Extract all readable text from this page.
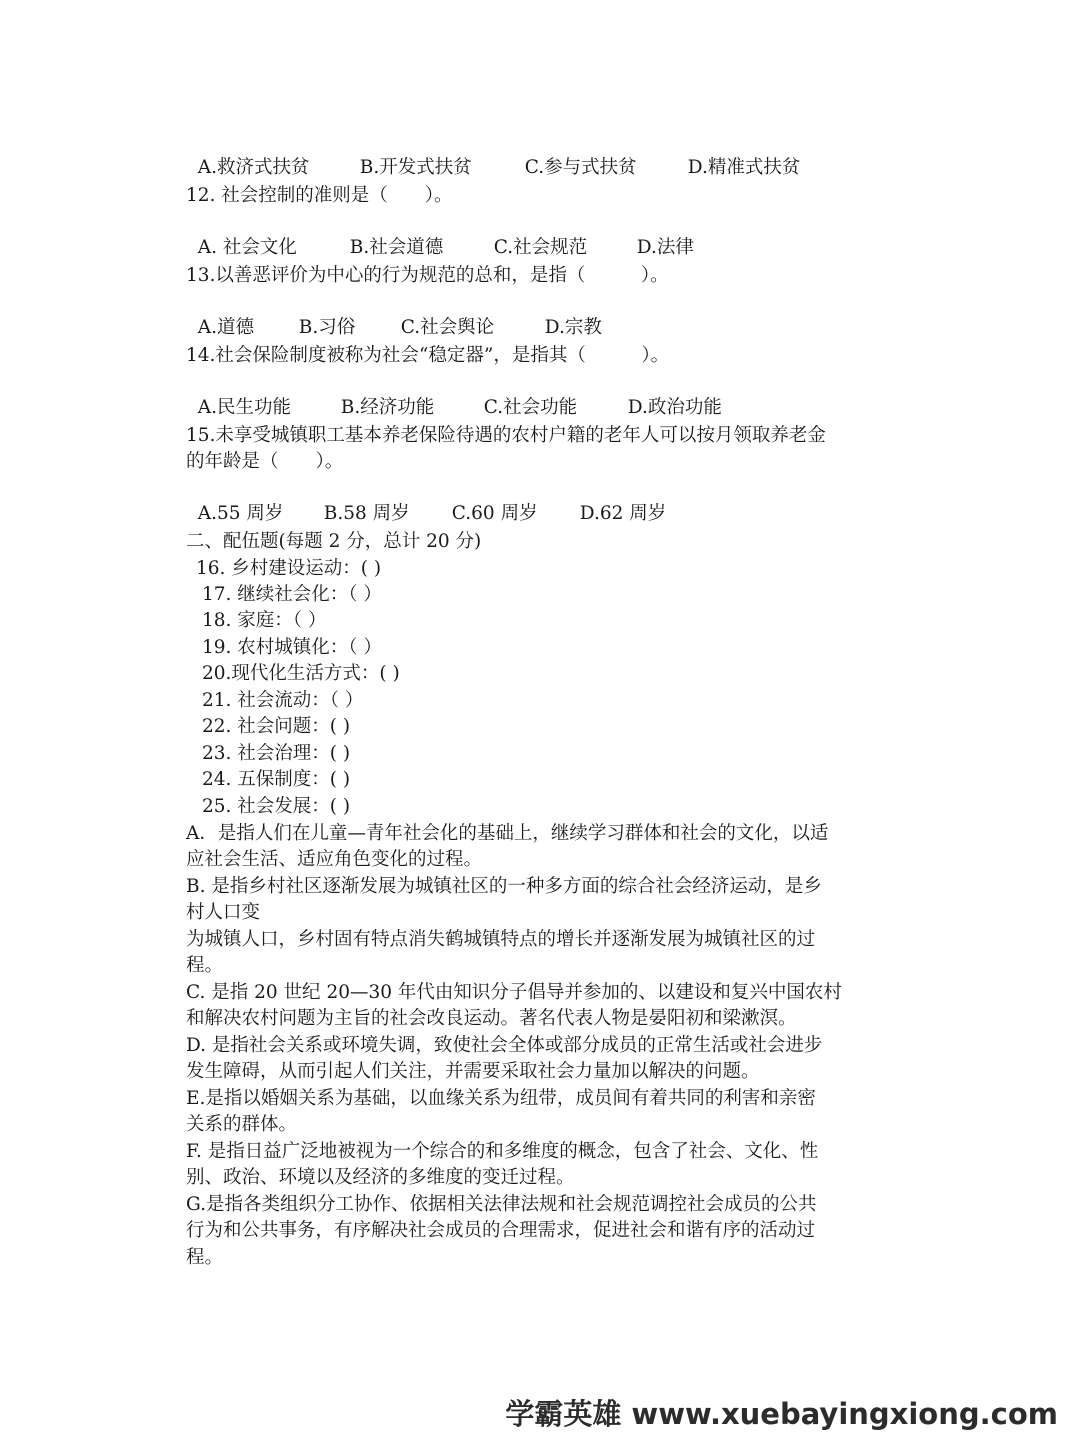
A.救济式扶贫	B.开发式扶贫	C.参与式扶贫	D.精准式扶贫

12. 社会控制的准则是（　　）。

A. 社会文化	B.社会道德	C.社会规范	D.法律

13.以善恶评价为中心的行为规范的总和，是指（　　　）。

A.道德 B.习俗 C.社会舆论	D.宗教

14.社会保险制度被称为社会“稳定器”，是指其（　　　）。

A.民生功能	B.经济功能	C.社会功能	D.政治功能

15.未享受城镇职工基本养老保险待遇的农村户籍的老年人可以按月领取养老金
的年龄是（　　）。

A.55 周岁 B.58 周岁 C.60 周岁 D.62 周岁

二、配伍题(每题 2 分，总计 20 分)
16. 乡村建设运动：( )
17. 继续社会化：（ ）
18. 家庭：（ ）
19. 农村城镇化：（ ）
20.现代化生活方式：( )
21. 社会流动：（ ）
22. 社会问题：( )
23. 社会治理：( )
24. 五保制度：( )
25. 社会发展：( )
A．是指人们在儿童—青年社会化的基础上，继续学习群体和社会的文化，以适
应社会生活、适应角色变化的过程。
B. 是指乡村社区逐渐发展为城镇社区的一种多方面的综合社会经济运动，是乡
村人口变
为城镇人口，乡村固有特点消失鹤城镇特点的增长并逐渐发展为城镇社区的过
程。
C. 是指 20 世纪 20—30 年代由知识分子倡导并参加的、以建设和复兴中国农村
和解决农村问题为主旨的社会改良运动。著名代表人物是晏阳初和梁漱溟。
D. 是指社会关系或环境失调，致使社会全体或部分成员的正常生活或社会进步
发生障碍，从而引起人们关注，并需要采取社会力量加以解决的问题。
E.是指以婚姻关系为基础，以血缘关系为纽带，成员间有着共同的利害和亲密
关系的群体。
F. 是指日益广泛地被视为一个综合的和多维度的概念，包含了社会、文化、性
别、政治、环境以及经济的多维度的变迁过程。
G.是指各类组织分工协作、依据相关法律法规和社会规范调控社会成员的公共
行为和公共事务，有序解决社会成员的合理需求，促进社会和谐有序的活动过
程。
学霸英雄 www.xuebayingxiong.com
